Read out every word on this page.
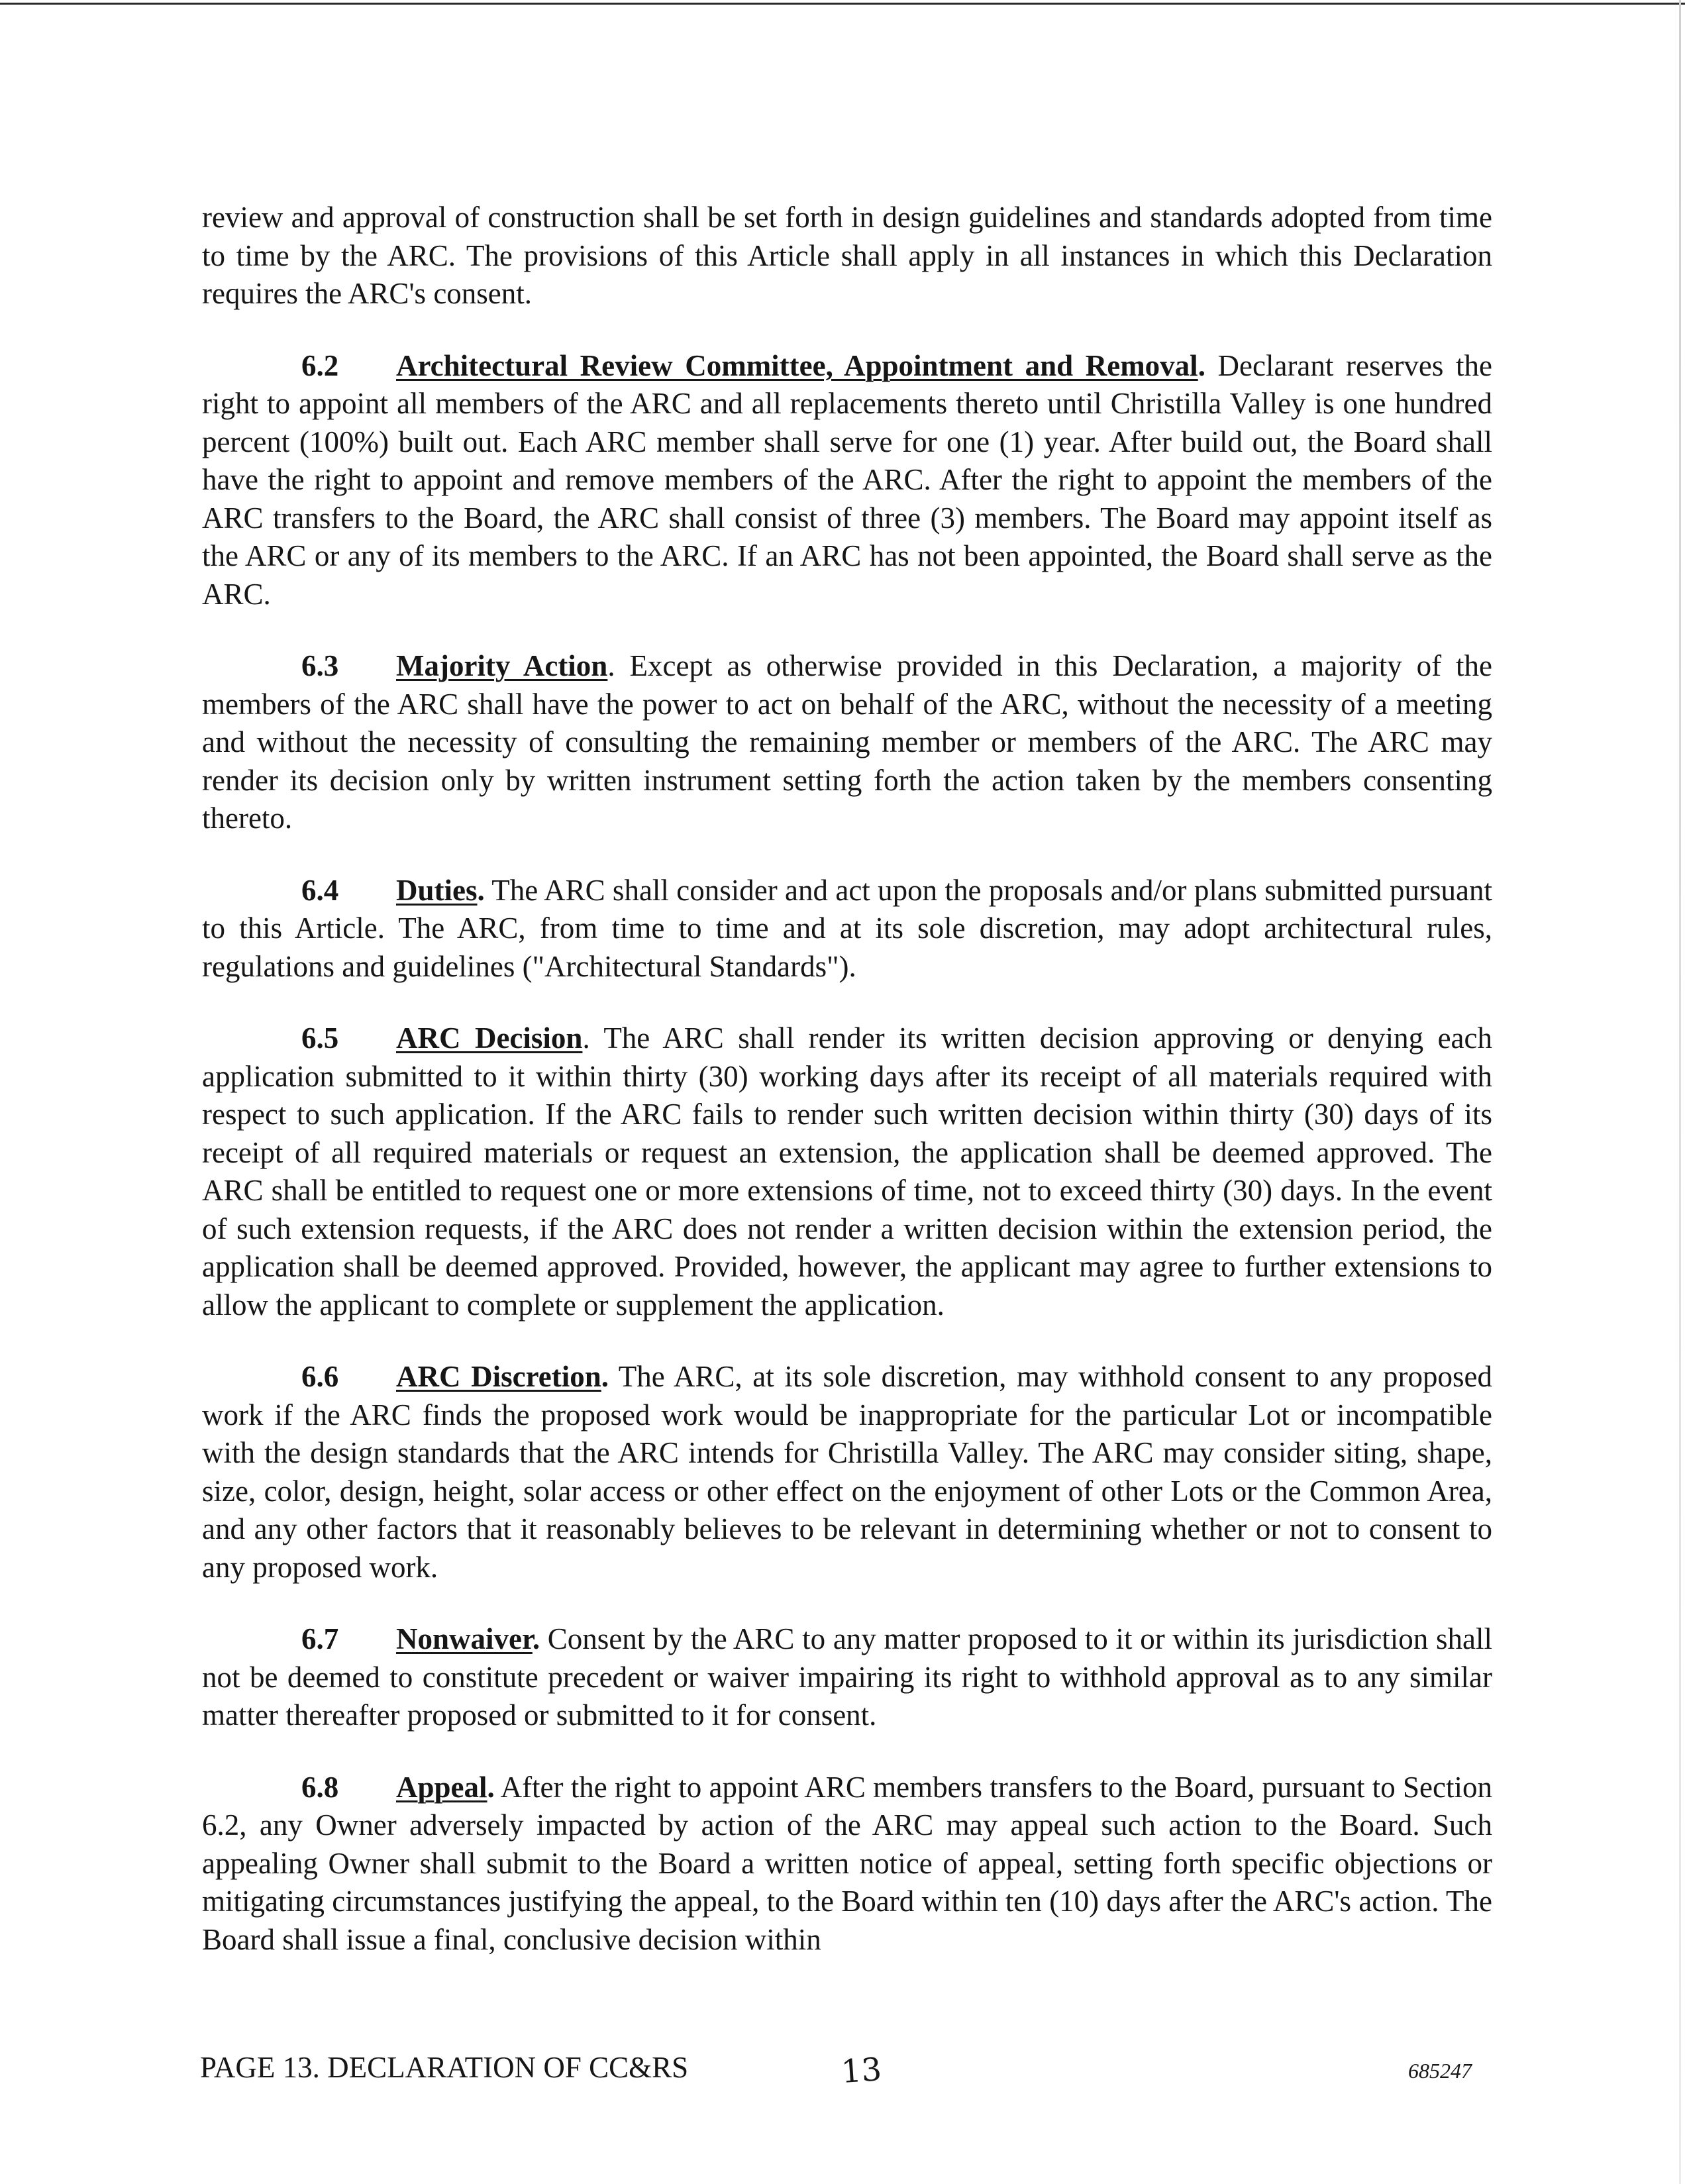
review and approval of construction shall be set forth in design guidelines and standards adopted from time to time by the ARC. The provisions of this Article shall apply in all instances in which this Declaration requires the ARC's consent.

6.2 Architectural Review Committee, Appointment and Removal. Declarant reserves the right to appoint all members of the ARC and all replacements thereto until Christilla Valley is one hundred percent (100%) built out. Each ARC member shall serve for one (1) year. After build out, the Board shall have the right to appoint and remove members of the ARC. After the right to appoint the members of the ARC transfers to the Board, the ARC shall consist of three (3) members. The Board may appoint itself as the ARC or any of its members to the ARC. If an ARC has not been appointed, the Board shall serve as the ARC.

6.3 Majority Action. Except as otherwise provided in this Declaration, a majority of the members of the ARC shall have the power to act on behalf of the ARC, without the necessity of a meeting and without the necessity of consulting the remaining member or members of the ARC. The ARC may render its decision only by written instrument setting forth the action taken by the members consenting thereto.

6.4 Duties. The ARC shall consider and act upon the proposals and/or plans submitted pursuant to this Article. The ARC, from time to time and at its sole discretion, may adopt architectural rules, regulations and guidelines ("Architectural Standards").

6.5 ARC Decision. The ARC shall render its written decision approving or denying each application submitted to it within thirty (30) working days after its receipt of all materials required with respect to such application. If the ARC fails to render such written decision within thirty (30) days of its receipt of all required materials or request an extension, the application shall be deemed approved. The ARC shall be entitled to request one or more extensions of time, not to exceed thirty (30) days. In the event of such extension requests, if the ARC does not render a written decision within the extension period, the application shall be deemed approved. Provided, however, the applicant may agree to further extensions to allow the applicant to complete or supplement the application.

6.6 ARC Discretion. The ARC, at its sole discretion, may withhold consent to any proposed work if the ARC finds the proposed work would be inappropriate for the particular Lot or incompatible with the design standards that the ARC intends for Christilla Valley. The ARC may consider siting, shape, size, color, design, height, solar access or other effect on the enjoyment of other Lots or the Common Area, and any other factors that it reasonably believes to be relevant in determining whether or not to consent to any proposed work.

6.7 Nonwaiver. Consent by the ARC to any matter proposed to it or within its jurisdiction shall not be deemed to constitute precedent or waiver impairing its right to withhold approval as to any similar matter thereafter proposed or submitted to it for consent.

6.8 Appeal. After the right to appoint ARC members transfers to the Board, pursuant to Section 6.2, any Owner adversely impacted by action of the ARC may appeal such action to the Board. Such appealing Owner shall submit to the Board a written notice of appeal, setting forth specific objections or mitigating circumstances justifying the appeal, to the Board within ten (10) days after the ARC's action. The Board shall issue a final, conclusive decision within

PAGE 13. DECLARATION OF CC&RS	13	685247
